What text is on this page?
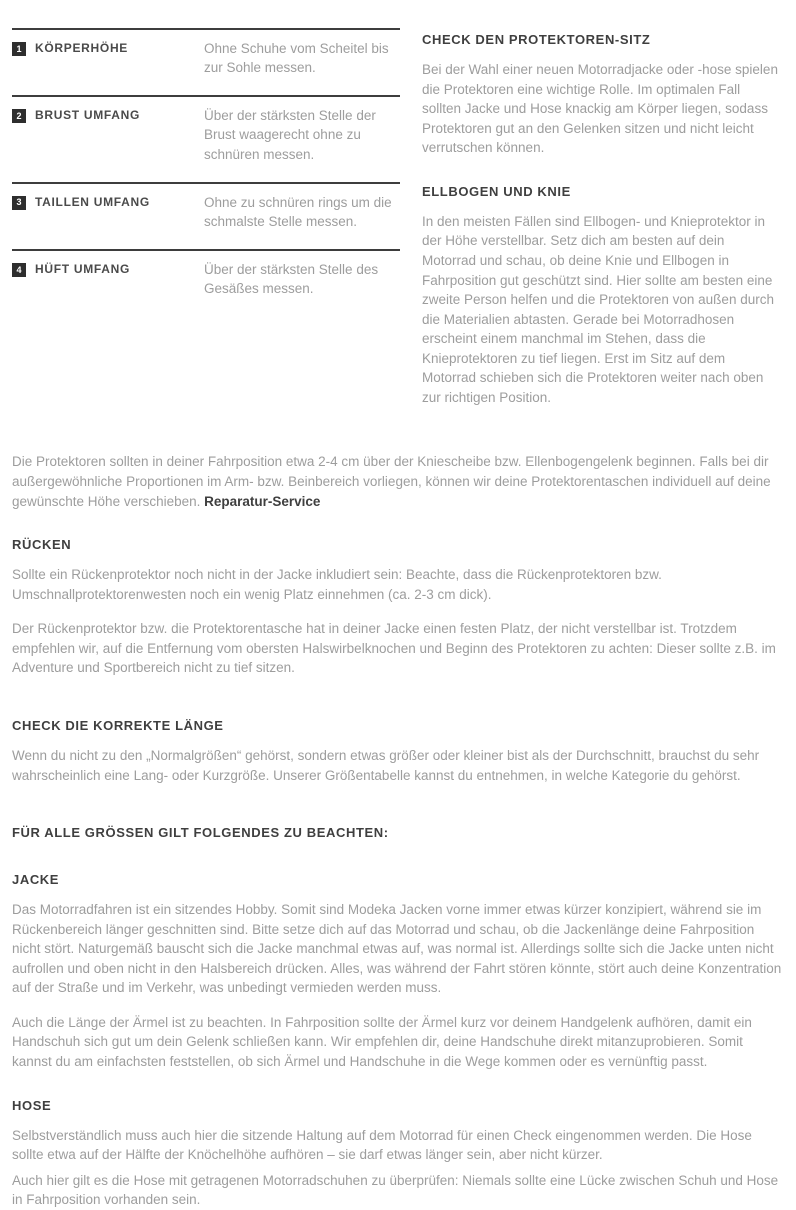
1	KÖRPERHÖHE	Ohne Schuhe vom Scheitel bis zur Sohle messen.
2	BRUST UMFANG	Über der stärksten Stelle der Brust waagerecht ohne zu schnüren messen.
3	TAILLEN UMFANG	Ohne zu schnüren rings um die schmalste Stelle messen.
4	HÜFT UMFANG	Über der stärksten Stelle des Gesäßes messen.
CHECK DEN PROTEKTOREN-SITZ

Bei der Wahl einer neuen Motorradjacke oder -hose spielen die Protektoren eine wichtige Rolle. Im optimalen Fall sollten Jacke und Hose knackig am Körper liegen, sodass Protektoren gut an den Gelenken sitzen und nicht leicht verrutschen können.

ELLBOGEN UND KNIE

In den meisten Fällen sind Ellbogen- und Knieprotektor in der Höhe verstellbar. Setz dich am besten auf dein Motorrad und schau, ob deine Knie und Ellbogen in Fahrposition gut geschützt sind. Hier sollte am besten eine zweite Person helfen und die Protektoren von außen durch die Materialien abtasten. Gerade bei Motorradhosen erscheint einem manchmal im Stehen, dass die Knieprotektoren zu tief liegen. Erst im Sitz auf dem Motorrad schieben sich die Protektoren weiter nach oben zur richtigen Position.

Die Protektoren sollten in deiner Fahrposition etwa 2-4 cm über der Kniescheibe bzw. Ellenbogengelenk beginnen. Falls bei dir außergewöhnliche Proportionen im Arm- bzw. Beinbereich vorliegen, können wir deine Protektorentaschen individuell auf deine gewünschte Höhe verschieben. Reparatur-Service

RÜCKEN

Sollte ein Rückenprotektor noch nicht in der Jacke inkludiert sein: Beachte, dass die Rückenprotektoren bzw. Umschnallprotektorenwesten noch ein wenig Platz einnehmen (ca. 2-3 cm dick).

Der Rückenprotektor bzw. die Protektorentasche hat in deiner Jacke einen festen Platz, der nicht verstellbar ist. Trotzdem empfehlen wir, auf die Entfernung vom obersten Halswirbelknochen und Beginn des Protektoren zu achten: Dieser sollte z.B. im Adventure und Sportbereich nicht zu tief sitzen.

CHECK DIE KORREKTE LÄNGE

Wenn du nicht zu den „Normalgrößen“ gehörst, sondern etwas größer oder kleiner bist als der Durchschnitt, brauchst du sehr wahrscheinlich eine Lang- oder Kurzgröße. Unserer Größentabelle kannst du entnehmen, in welche Kategorie du gehörst.

FÜR ALLE GRÖSSEN GILT FOLGENDES ZU BEACHTEN:
JACKE

Das Motorradfahren ist ein sitzendes Hobby. Somit sind Modeka Jacken vorne immer etwas kürzer konzipiert, während sie im Rückenbereich länger geschnitten sind. Bitte setze dich auf das Motorrad und schau, ob die Jackenlänge deine Fahrposition nicht stört. Naturgemäß bauscht sich die Jacke manchmal etwas auf, was normal ist. Allerdings sollte sich die Jacke unten nicht aufrollen und oben nicht in den Halsbereich drücken. Alles, was während der Fahrt stören könnte, stört auch deine Konzentration auf der Straße und im Verkehr, was unbedingt vermieden werden muss.

Auch die Länge der Ärmel ist zu beachten. In Fahrposition sollte der Ärmel kurz vor deinem Handgelenk aufhören, damit ein Handschuh sich gut um dein Gelenk schließen kann. Wir empfehlen dir, deine Handschuhe direkt mitanzuprobieren. Somit kannst du am einfachsten feststellen, ob sich Ärmel und Handschuhe in die Wege kommen oder es vernünftig passt.

HOSE

Selbstverständlich muss auch hier die sitzende Haltung auf dem Motorrad für einen Check eingenommen werden. Die Hose sollte etwa auf der Hälfte der Knöchelhöhe aufhören – sie darf etwas länger sein, aber nicht kürzer.

Auch hier gilt es die Hose mit getragenen Motorradschuhen zu überprüfen: Niemals sollte eine Lücke zwischen Schuh und Hose in Fahrposition vorhanden sein.
